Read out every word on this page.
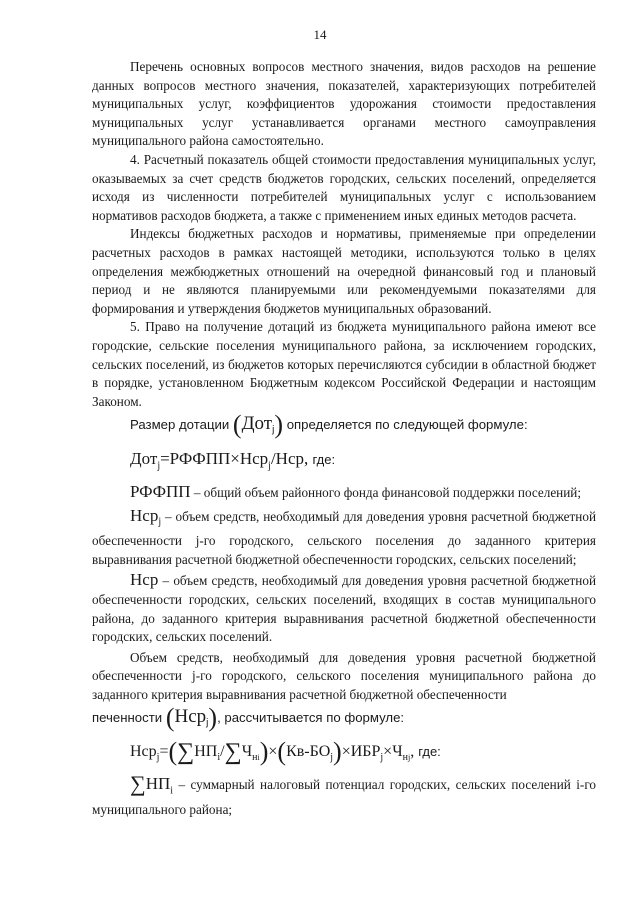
14

Перечень основных вопросов местного значения, видов расходов на решение данных вопросов местного значения, показателей, характеризующих потребителей муниципальных услуг, коэффициентов удорожания стоимости предоставления муниципальных услуг устанавливается органами местного самоуправления муниципального района самостоятельно.

4. Расчетный показатель общей стоимости предоставления муниципальных услуг, оказываемых за счет средств бюджетов городских, сельских поселений, определяется исходя из численности потребителей муниципальных услуг с использованием нормативов расходов бюджета, а также с применением иных единых методов расчета.

Индексы бюджетных расходов и нормативы, применяемые при определении расчетных расходов в рамках настоящей методики, используются только в целях определения межбюджетных отношений на очередной финансовый год и плановый период и не являются планируемыми или рекомендуемыми показателями для формирования и утверждения бюджетов муниципальных образований.

5. Право на получение дотаций из бюджета муниципального района имеют все городские, сельские поселения муниципального района, за исключением городских, сельских поселений, из бюджетов которых перечисляются субсидии в областной бюджет в порядке, установленном Бюджетным кодексом Российской Федерации и настоящим Законом.

Размер дотации (Дот$_j$) определяется по следующей формуле:

Дот$_j$=РФФПП×Нср$_j$/Нср, где:

РФФПП – общий объем районного фонда финансовой поддержки поселений;

Нср$_j$ – объем средств, необходимый для доведения уровня расчетной бюджетной обеспеченности j-го городского, сельского поселения до заданного критерия выравнивания расчетной бюджетной обеспеченности городских, сельских поселений;

Нср – объем средств, необходимый для доведения уровня расчетной бюджетной обеспеченности городских, сельских поселений, входящих в состав муниципального района, до заданного критерия выравнивания расчетной бюджетной обеспеченности городских, сельских поселений.

Объем средств, необходимый для доведения уровня расчетной бюджетной обеспеченности j-го городского, сельского поселения муниципального района до заданного критерия выравнивания расчетной бюджетной обеспеченности

печенности (Нср$_j$), рассчитывается по формуле:

$Нср_j=(\sum НП_i/\sum Ч_{нi})\times(Кв-БО_j)\times ИБР_j\times Ч_{нj}$, где:

$\sum НП_i$ – суммарный налоговый потенциал городских, сельских поселений i-го муниципального района;
